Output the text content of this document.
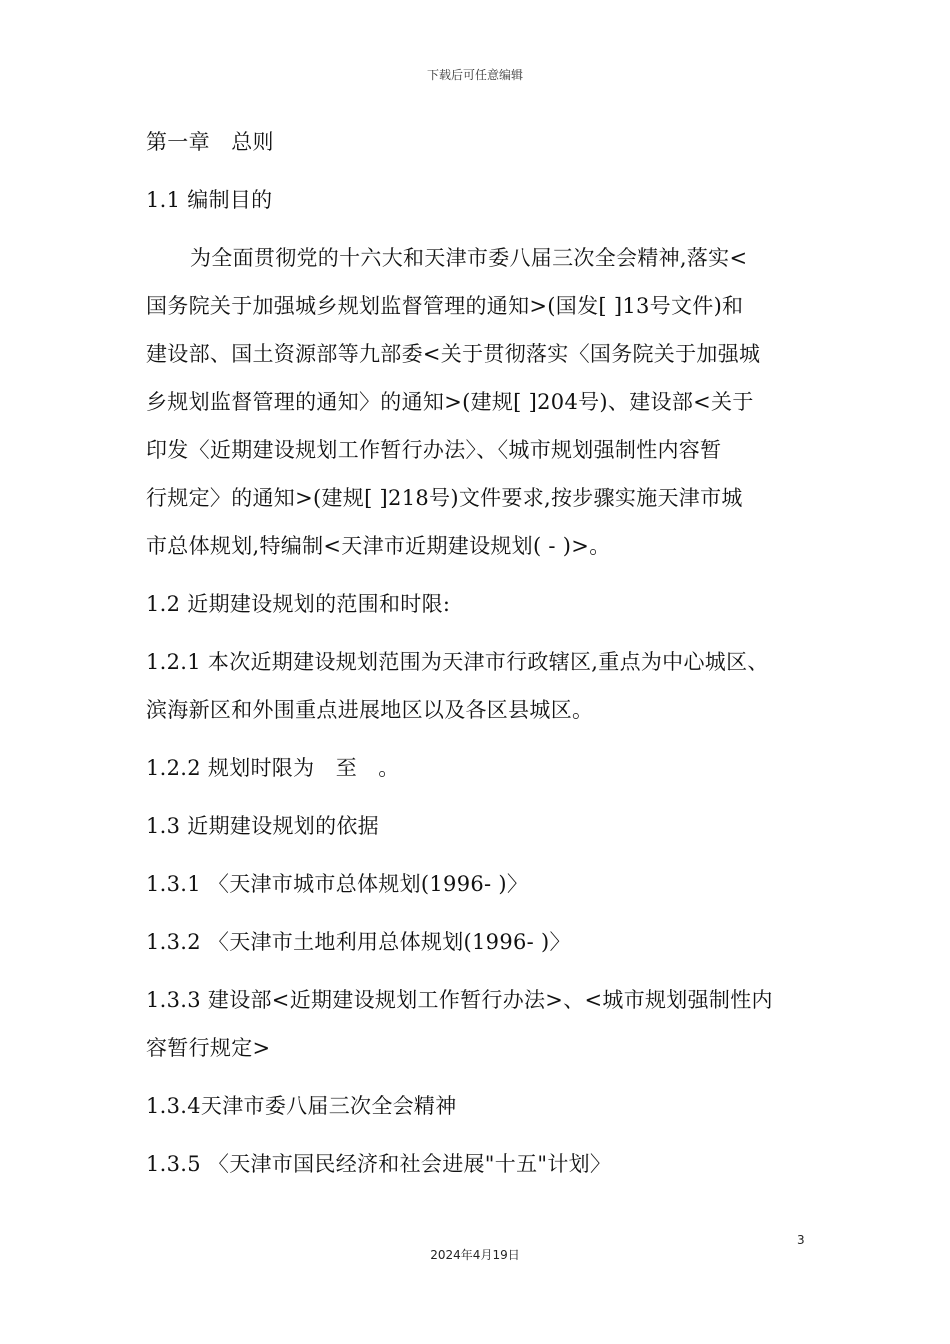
下载后可任意编辑
第一章　总则
1.1 编制目的
为全面贯彻党的十六大和天津市委八届三次全会精神,落实<
国务院关于加强城乡规划监督管理的通知>(国发[ ]13号文件)和
建设部、国土资源部等九部委<关于贯彻落实〈国务院关于加强城
乡规划监督管理的通知〉的通知>(建规[ ]204号)、建设部<关于
印发〈近期建设规划工作暂行办法〉、〈城市规划强制性内容暂
行规定〉的通知>(建规[ ]218号)文件要求,按步骤实施天津市城
市总体规划,特编制<天津市近期建设规划( - )>。
1.2 近期建设规划的范围和时限:
1.2.1 本次近期建设规划范围为天津市行政辖区,重点为中心城区、
滨海新区和外围重点进展地区以及各区县城区。
1.2.2 规划时限为　至　。
1.3 近期建设规划的依据
1.3.1 〈天津市城市总体规划(1996- )〉
1.3.2 〈天津市土地利用总体规划(1996- )〉
1.3.3 建设部<近期建设规划工作暂行办法>、<城市规划强制性内
容暂行规定>
1.3.4天津市委八届三次全会精神
1.3.5 〈天津市国民经济和社会进展"十五"计划〉
3
2024年4月19日
